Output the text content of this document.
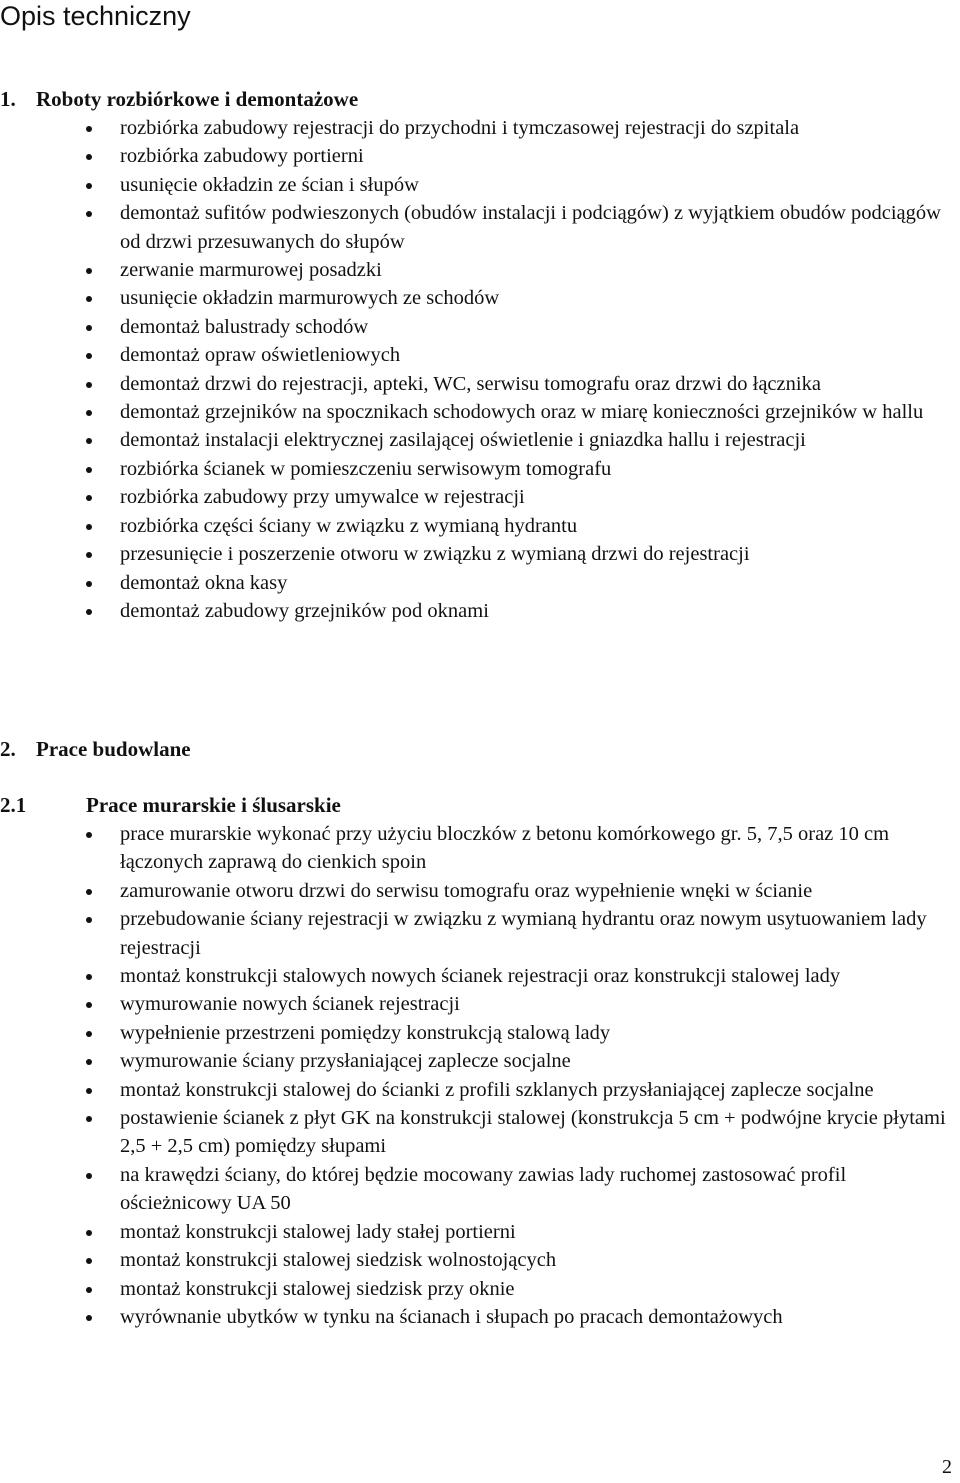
Opis techniczny
1. Roboty rozbiórkowe i demontażowe
rozbiórka zabudowy rejestracji do przychodni i tymczasowej rejestracji do szpitala
rozbiórka zabudowy portierni
usunięcie okładzin ze ścian i słupów
demontaż sufitów podwieszonych (obudów instalacji i podciągów) z wyjątkiem obudów podciągów od drzwi przesuwanych do słupów
zerwanie marmurowej posadzki
usunięcie okładzin marmurowych ze schodów
demontaż balustrady schodów
demontaż opraw oświetleniowych
demontaż drzwi do rejestracji, apteki, WC, serwisu tomografu oraz drzwi do łącznika
demontaż grzejników na spocznikach schodowych oraz w miarę konieczności grzejników w hallu
demontaż instalacji elektrycznej zasilającej oświetlenie i gniazdka hallu i rejestracji
rozbiórka ścianek w pomieszczeniu serwisowym tomografu
rozbiórka zabudowy przy umywalce w rejestracji
rozbiórka części ściany w związku z wymianą hydrantu
przesunięcie i poszerzenie otworu w związku z wymianą drzwi do rejestracji
demontaż okna kasy
demontaż zabudowy grzejników pod oknami
2. Prace budowlane
2.1	Prace murarskie i ślusarskie
prace murarskie wykonać przy użyciu bloczków z betonu komórkowego gr. 5, 7,5 oraz 10 cm łączonych zaprawą do cienkich spoin
zamurowanie otworu drzwi do serwisu tomografu oraz wypełnienie wnęki w ścianie
przebudowanie ściany rejestracji w związku z wymianą hydrantu oraz nowym usytuowaniem lady rejestracji
montaż konstrukcji stalowych nowych ścianek rejestracji oraz konstrukcji stalowej lady
wymurowanie nowych ścianek rejestracji
wypełnienie przestrzeni pomiędzy konstrukcją stalową lady
wymurowanie ściany przysłaniającej zaplecze socjalne
montaż konstrukcji stalowej do ścianki z profili szklanych przysłaniającej zaplecze socjalne
postawienie ścianek z płyt GK na konstrukcji stalowej (konstrukcja 5 cm + podwójne krycie płytami 2,5 + 2,5 cm) pomiędzy słupami
na krawędzi ściany, do której będzie mocowany zawias lady ruchomej zastosować profil ościeżnicowy UA 50
montaż konstrukcji stalowej lady stałej portierni
montaż konstrukcji stalowej siedzisk wolnostojących
montaż konstrukcji stalowej siedzisk przy oknie
wyrównanie ubytków w tynku na ścianach i słupach po pracach demontażowych
2
